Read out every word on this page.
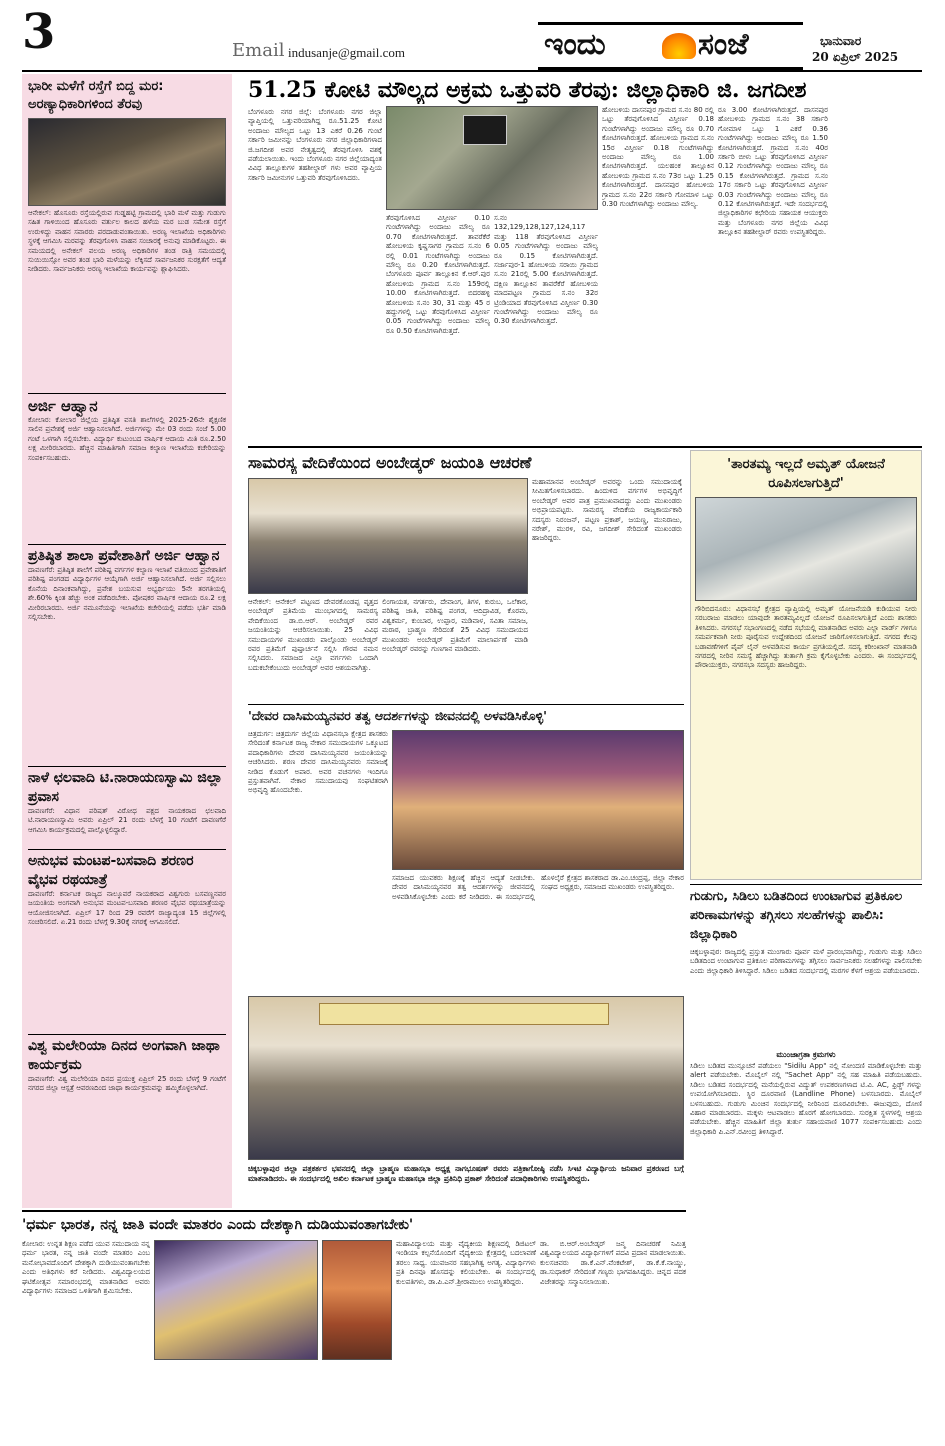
3	Email indusanje@gmail.com	ಇಂದು	ಸಂಜೆ	ಭಾನುವಾರ
20 ಏಪ್ರಿಲ್ 2025
ಭಾರೀ ಮಳೆಗೆ ರಸ್ತೆಗೆ ಬಿದ್ದ ಮರ: ಅರಣ್ಯಾಧಿಕಾರಿಗಳಿಂದ ತೆರವು
ಆನೇಕಲ್: ಹೊಸೂರು ರಸ್ತೆಯಲ್ಲಿರುವ ಗುಡ್ಡಹಟ್ಟಿ ಗ್ರಾಮದಲ್ಲಿ ಭಾರಿ ಮಳೆ ಮತ್ತು ಗುಡುಗು ಸಹಿತ ಗಾಳಿಯಿಂದ ಹೊಸೂರು ವರ್ತುಲ ಕಾಲದ ಹಳೆಯ ಮರ ಬುಡ ಸಮೇತ ರಸ್ತೆಗೆ ಉರುಳಿದ್ದು ವಾಹನ ಸವಾರರು ಪರದಾಡುವಂತಾಯಿತು. ಅರಣ್ಯ ಇಲಾಖೆಯ ಅಧಿಕಾರಿಗಳು ಸ್ಥಳಕ್ಕೆ ಆಗಮಿಸಿ ಮರವನ್ನು ತೆರವುಗೊಳಿಸಿ ವಾಹನ ಸಂಚಾರಕ್ಕೆ ಅನುವು ಮಾಡಿಕೊಟ್ಟರು. ಈ ಸಮಯದಲ್ಲಿ ಅನೇಕಲ್ ವಲಯ ಅರಣ್ಯ ಅಧಿಕಾರಿಗಳ ತಂಡ ರಾತ್ರಿ ಸಮಯದಲ್ಲಿ ಸುಯಿಯಿಸ್ಸೋ ಅವರ ತಂಡ ಭಾರಿ ಮಳೆಯನ್ನು ಲೆಕ್ಕಿಸದೆ ಸಾರ್ವಜನಿಕರ ಸುರಕ್ಷತೆಗೆ ಆದ್ಯತೆ ನೀಡಿದರು. ಸಾರ್ವಜನಿಕರು ಅರಣ್ಯ ಇಲಾಖೆಯ ಕಾರ್ಯವನ್ನು ಶ್ಲಾಘಿಸಿದರು.
ಅರ್ಜಿ ಆಹ್ವಾನ
ಕೋಲಾರ: ಕೋಲಾರ ಜಿಲ್ಲೆಯ ಪ್ರತಿಷ್ಠಿತ ವಸತಿ ಶಾಲೆಗಳಲ್ಲಿ 2025-26ನೇ ಶೈಕ್ಷಣಿಕ ಸಾಲಿನ ಪ್ರವೇಶಕ್ಕೆ ಅರ್ಜಿ ಆಹ್ವಾನಿಸಲಾಗಿದೆ. ಅರ್ಜಿಗಳನ್ನು ಮೇ 03 ರಂದು ಸಂಜೆ 5.00 ಗಂಟೆ ಒಳಗಾಗಿ ಸಲ್ಲಿಸಬೇಕು. ವಿದ್ಯಾರ್ಥಿ ಕುಟುಂಬದ ವಾರ್ಷಿಕ ಆದಾಯ ಮಿತಿ ರೂ.2.50 ಲಕ್ಷ ಮೀರಿರಬಾರದು. ಹೆಚ್ಚಿನ ಮಾಹಿತಿಗಾಗಿ ಸಮಾಜ ಕಲ್ಯಾಣ ಇಲಾಖೆಯ ಕಚೇರಿಯನ್ನು ಸಂಪರ್ಕಿಸಬಹುದು.
ಪ್ರತಿಷ್ಠಿತ ಶಾಲಾ ಪ್ರವೇಶಾತಿಗೆ ಅರ್ಜಿ ಆಹ್ವಾನ
ದಾವಣಗೆರೆ: ಪ್ರತಿಷ್ಠಿತ ಶಾಲೆಗೆ ಪರಿಶಿಷ್ಟ ವರ್ಗಗಳ ಕಲ್ಯಾಣ ಇಲಾಖೆ ವತಿಯಿಂದ ಪ್ರವೇಶಾತಿಗೆ ಪರಿಶಿಷ್ಟ ಪಂಗಡದ ವಿದ್ಯಾರ್ಥಿಗಳ ಆಯ್ಕೆಗಾಗಿ ಅರ್ಜಿ ಆಹ್ವಾನಿಸಲಾಗಿದೆ. ಅರ್ಜಿ ಸಲ್ಲಿಸಲು ಕೊನೆಯ ದಿನಾಂಕವಾಗಿದ್ದು, ಪ್ರವೇಶ ಬಯಸುವ ಅಭ್ಯರ್ಥಿಯು 5ನೇ ತರಗತಿಯಲ್ಲಿ ಶೇ.60% ಕ್ಕಿಂತ ಹೆಚ್ಚು ಅಂಕ ಪಡೆದಿರಬೇಕು. ಪೋಷಕರ ವಾರ್ಷಿಕ ಆದಾಯ ರೂ.2 ಲಕ್ಷ ಮೀರಿರಬಾರದು. ಅರ್ಜಿ ನಮೂನೆಯನ್ನು ಇಲಾಖೆಯ ಕಚೇರಿಯಲ್ಲಿ ಪಡೆದು ಭರ್ತಿ ಮಾಡಿ ಸಲ್ಲಿಸಬೇಕು.
ನಾಳೆ ಛಲವಾದಿ ಟಿ.ನಾರಾಯಣಸ್ವಾಮಿ ಜಿಲ್ಲಾ ಪ್ರವಾಸ
ದಾವಣಗೆರೆ: ವಿಧಾನ ಪರಿಷತ್ ವಿರೋಧ ಪಕ್ಷದ ನಾಯಕರಾದ ಛಲವಾದಿ ಟಿ.ನಾರಾಯಣಸ್ವಾಮಿ ಅವರು ಏಪ್ರಿಲ್ 21 ರಂದು ಬೆಳಗ್ಗೆ 10 ಗಂಟೆಗೆ ದಾವಣಗೆರೆ ಆಗಮಿಸಿ ಕಾರ್ಯಕ್ರಮದಲ್ಲಿ ಪಾಲ್ಗೊಳ್ಳಲಿದ್ದಾರೆ.
ಅನುಭವ ಮಂಟಪ-ಬಸವಾದಿ ಶರಣರ ವೈಭವ ರಥಯಾತ್ರೆ
ದಾವಣಗೆರೆ: ಕರ್ನಾಟಕ ರಾಜ್ಯದ ನಾಲ್ಕೂವರೆ ನಾಯಕರಾದ ವಿಶ್ವಗುರು ಬಸವಣ್ಣನವರ ಜಯಂತಿಯ ಅಂಗವಾಗಿ ಅನುಭವ ಮಂಟಪ-ಬಸವಾದಿ ಶರಣರ ವೈಭವ ರಥಯಾತ್ರೆಯನ್ನು ಆಯೋಜಿಸಲಾಗಿದೆ. ಏಪ್ರಿಲ್ 17 ರಿಂದ 29 ರವರೆಗೆ ರಾಜ್ಯಾದ್ಯಂತ 15 ಜಿಲ್ಲೆಗಳಲ್ಲಿ ಸಂಚರಿಸಲಿದೆ. ಏ.21 ರಂದು ಬೆಳಗ್ಗೆ 9.30ಕ್ಕೆ ನಗರಕ್ಕೆ ಆಗಮಿಸಲಿದೆ.
ವಿಶ್ವ ಮಲೇರಿಯಾ ದಿನದ ಅಂಗವಾಗಿ ಜಾಥಾ ಕಾರ್ಯಕ್ರಮ
ದಾವಣಗೆರೆ: ವಿಶ್ವ ಮಲೇರಿಯಾ ದಿನದ ಪ್ರಯುಕ್ತ ಏಪ್ರಿಲ್ 25 ರಂದು ಬೆಳಗ್ಗೆ 9 ಗಂಟೆಗೆ ನಗರದ ಜಿಲ್ಲಾ ಆಸ್ಪತ್ರೆ ಆವರಣದಿಂದ ಜಾಥಾ ಕಾರ್ಯಕ್ರಮವನ್ನು ಹಮ್ಮಿಕೊಳ್ಳಲಾಗಿದೆ.
51.25 ಕೋಟಿ ಮೌಲ್ಯದ ಅಕ್ರಮ ಒತ್ತುವರಿ ತೆರವು: ಜಿಲ್ಲಾಧಿಕಾರಿ ಜಿ. ಜಗದೀಶ
ಬೆಂಗಳೂರು ನಗರ ಜಿಲ್ಲೆ: ಬೆಂಗಳೂರು ನಗರ ಜಿಲ್ಲಾ ವ್ಯಾಪ್ತಿಯಲ್ಲಿ ಒತ್ತುವರಿಯಾಗಿದ್ದ ರೂ.51.25 ಕೋಟಿ ಅಂದಾಜು ಮೌಲ್ಯದ ಒಟ್ಟು 13 ಎಕರೆ 0.26 ಗುಂಟೆ ಸರ್ಕಾರಿ ಜಮೀನನ್ನು ಬೆಂಗಳೂರು ನಗರ ಜಿಲ್ಲಾಧಿಕಾರಿಗಳಾದ ಜಿ.ಜಗದೀಶ ಅವರ ನೇತೃತ್ವದಲ್ಲಿ ತೆರವುಗೊಳಿಸಿ ವಶಕ್ಕೆ ಪಡೆಯಲಾಯಿತು. ಇಂದು ಬೆಂಗಳೂರು ನಗರ ಜಿಲ್ಲೆಯಾದ್ಯಂತ ವಿವಿಧ ತಾಲ್ಲೂಕುಗಳ ತಹಶೀಲ್ದಾರ್ ಗಳು ಅವರ ವ್ಯಾಪ್ತಿಯ ಸರ್ಕಾರಿ ಜಮೀನುಗಳ ಒತ್ತುವರಿ ತೆರವುಗೊಳಿಸಿದರು.
ತೆರವುಗೊಳಿಸಿದ ವಿಸ್ತೀರ್ಣ 0.10 ಗುಂಟೆಗಳಾಗಿದ್ದು ಅಂದಾಜು ಮೌಲ್ಯ ರೂ 0.70 ಕೋಟಿಗಳಾಗಿರುತ್ತದೆ. ತಾವರೆಕೆರೆ ಹೋಬಳಿಯ ಕೃಷ್ಣಸಾಗರ ಗ್ರಾಮದ ಸ.ನಂ 6 ರಲ್ಲಿ 0.01 ಗುಂಟೆಗಳಾಗಿದ್ದು ಅಂದಾಜು ಮೌಲ್ಯ ರೂ 0.20 ಕೋಟಿಗಳಾಗಿರುತ್ತದೆ. ಬೆಂಗಳೂರು ಪೂರ್ವ ತಾಲ್ಲೂಕಿನ ಕೆ.ಆರ್.ಪುರ ಹೋಬಳಿಯ ಗ್ರಾಮದ ಸ.ನಂ 159ರಲ್ಲಿ 10.00 ಕೋಟಿಗಳಾಗಿರುತ್ತದೆ. ಬಿದರಹಳ್ಳಿ ಹೋಬಳಿಯ ಸ.ನಂ 30, 31 ಮತ್ತು 45 ರ ಹದ್ದುಗಳಲ್ಲಿ ಒಟ್ಟು ತೆರವುಗೊಳಿಸಿದ ವಿಸ್ತೀರ್ಣ 0.05 ಗುಂಟೆಗಳಾಗಿದ್ದು ಅಂದಾಜು ಮೌಲ್ಯ ರೂ 0.50 ಕೋಟಿಗಳಾಗಿರುತ್ತದೆ.
ಸ.ನಂ 132,129,128,127,124,117 ಮತ್ತು 118 ತೆರವುಗೊಳಿಸಿದ ವಿಸ್ತೀರ್ಣ 0.05 ಗುಂಟೆಗಳಾಗಿದ್ದು ಅಂದಾಜು ಮೌಲ್ಯ ರೂ 0.15 ಕೋಟಿಗಳಾಗಿರುತ್ತದೆ. ಸರ್ಜಾಪುರ-1 ಹೋಬಳಿಯ ಸರಾಯಿ ಗ್ರಾಮದ ಸ.ನಂ 21ರಲ್ಲಿ 5.00 ಕೋಟಿಗಳಾಗಿರುತ್ತದೆ. ದಕ್ಷಿಣ ತಾಲ್ಲೂಕಿನ ತಾವರೆಕೆರೆ ಹೋಬಳಿಯ ಮಾದಪಟ್ಟಣ ಗ್ರಾಮದ ಸ.ನಂ 32ರ ಟ್ರಿಂಡಿಯಾದ ತೆರವುಗೊಳಿಸಿದ ವಿಸ್ತೀರ್ಣ 0.30 ಗುಂಟೆಗಳಾಗಿದ್ದು ಅಂದಾಜು ಮೌಲ್ಯ ರೂ 0.30 ಕೋಟಿಗಳಾಗಿರುತ್ತದೆ.
ಹೋಬಳಿಯ ದಾಸನಪುರ ಗ್ರಾಮದ ಸ.ನಂ 80 ರಲ್ಲಿ ಒಟ್ಟು ತೆರವುಗೊಳಿಸಿದ ವಿಸ್ತೀರ್ಣ 0.18 ಗುಂಟೆಗಳಾಗಿದ್ದು ಅಂದಾಜು ಮೌಲ್ಯ ರೂ 0.70 ಕೋಟಿಗಳಾಗಿರುತ್ತದೆ. ಹೋಬಳಿಯ ಗ್ರಾಮದ ಸ.ನಂ 15ರ ವಿಸ್ತೀರ್ಣ 0.18 ಗುಂಟೆಗಳಾಗಿದ್ದು ಅಂದಾಜು ಮೌಲ್ಯ ರೂ 1.00 ಕೋಟಿಗಳಾಗಿರುತ್ತದೆ. ಯಲಹಂಕ ತಾಲ್ಲೂಕಿನ ಹೋಬಳಿಯ ಗ್ರಾಮದ ಸ.ನಂ 73ರ ಒಟ್ಟು 1.25 ಕೋಟಿಗಳಾಗಿರುತ್ತದೆ. ದಾಸನಪುರ ಹೋಬಳಿಯ ಗ್ರಾಮದ ಸ.ನಂ 22ರ ಸರ್ಕಾರಿ ಗೋಮಾಳ ಒಟ್ಟು 0.30 ಗುಂಟೆಗಳಾಗಿದ್ದು ಅಂದಾಜು ಮೌಲ್ಯ.
ರೂ 3.00 ಕೋಟಿಗಳಾಗಿರುತ್ತದೆ. ದಾಸನಪುರ ಹೋಬಳಿಯ ಗ್ರಾಮದ ಸ.ನಂ 38 ಸರ್ಕಾರಿ ಗೋಮಾಳ ಒಟ್ಟು 1 ಎಕರೆ 0.36 ಗುಂಟೆಗಳಾಗಿದ್ದು ಅಂದಾಜು ಮೌಲ್ಯ ರೂ 1.50 ಕೋಟಿಗಳಾಗಿರುತ್ತದೆ. ಗ್ರಾಮದ ಸ.ನಂ 40ರ ಸರ್ಕಾರಿ ಬೀಳು ಒಟ್ಟು ತೆರವುಗೊಳಿಸಿದ ವಿಸ್ತೀರ್ಣ 0.12 ಗುಂಟೆಗಳಾಗಿದ್ದು ಅಂದಾಜು ಮೌಲ್ಯ ರೂ 0.15 ಕೋಟಿಗಳಾಗಿರುತ್ತದೆ. ಗ್ರಾಮದ ಸ.ನಂ 17ರ ಸರ್ಕಾರಿ ಒಟ್ಟು ತೆರವುಗೊಳಿಸಿದ ವಿಸ್ತೀರ್ಣ 0.03 ಗುಂಟೆಗಳಾಗಿದ್ದು ಅಂದಾಜು ಮೌಲ್ಯ ರೂ 0.12 ಕೋಟಿಗಳಾಗಿರುತ್ತದೆ. ಇದೇ ಸಂದರ್ಭದಲ್ಲಿ ಜಿಲ್ಲಾಧಿಕಾರಿಗಳ ಕಛೇರಿಯ ಸಹಾಯಕ ಆಯುಕ್ತರು ಮತ್ತು ಬೆಂಗಳೂರು ನಗರ ಜಿಲ್ಲೆಯ ವಿವಿಧ ತಾಲ್ಲೂಕಿನ ತಹಶೀಲ್ದಾರ್ ರವರು ಉಪಸ್ಥಿತರಿದ್ದರು.
ಸಾಮರಸ್ಯ ವೇದಿಕೆಯಿಂದ ಅಂಬೇಡ್ಕರ್ ಜಯಂತಿ ಆಚರಣೆ
ಆನೇಕಲ್: ಆನೇಕಲ್ ಪಟ್ಟಣದ ದೇವರಕೊಂಡಪ್ಪ ವೃತ್ತದ ಅಂಬೇಡ್ಕರ್ ಪ್ರತಿಮೆಯ ಮುಂಭಾಗದಲ್ಲಿ ಸಾಮರಸ್ಯ ವೇದಿಕೆಯಿಂದ ಡಾ.ಬಿ.ಆರ್. ಅಂಬೇಡ್ಕರ್ ರವರ ಜಯಂತಿಯನ್ನು ಆಚರಿಸಲಾಯಿತು. 25 ವಿವಿಧ ಸಮುದಾಯಗಳ ಮುಖಂಡರು ಪಾಲ್ಗೊಂಡು ಅಂಬೇಡ್ಕರ್ ರವರ ಪ್ರತಿಮೆಗೆ ಪುಷ್ಪಾರ್ಚನೆ ಸಲ್ಲಿಸಿ ಗೌರವ ನಮನ ಸಲ್ಲಿಸಿದರು. ಸಮಾಜದ ಎಲ್ಲಾ ವರ್ಗಗಳು ಒಂದಾಗಿ ಬದುಕಬೇಕೆಂಬುದು ಅಂಬೇಡ್ಕರ್ ಅವರ ಆಶಯವಾಗಿತ್ತು.
ಲಿಂಗಾಯತ, ನಗರ್ತರು, ದೇವಾಂಗ, ತಿಗಳ, ಕುರುಬ, ಒಲೆಕಾರ, ಪರಿಶಿಷ್ಟ ಜಾತಿ, ಪರಿಶಿಷ್ಟ ಪಂಗಡ, ಆದಿದ್ರಾವಿಡ, ಕೊರಮ, ವಿಶ್ವಕರ್ಮ, ಕುಂಬಾರ, ಉಪ್ಪಾರ, ಮಡಿವಾಳ, ಸವಿತಾ ಸಮಾಜ, ಮರಾಠ, ಬ್ರಾಹ್ಮಣ ಸೇರಿದಂತೆ 25 ವಿವಿಧ ಸಮುದಾಯದ ಮುಖಂಡರು ಅಂಬೇಡ್ಕರ್ ಪ್ರತಿಮೆಗೆ ಮಾಲಾರ್ಪಣೆ ಮಾಡಿ ಅಂಬೇಡ್ಕರ್ ರವರನ್ನು ಗುಣಗಾನ ಮಾಡಿದರು.
ಮಹಾಮಾನವ ಅಂಬೇಡ್ಕರ್ ಅವರನ್ನು ಒಂದು ಸಮುದಾಯಕ್ಕೆ ಸೀಮಿತಗೊಳಿಸಬಾರದು. ಹಿಂದುಳಿದ ವರ್ಗಗಳ ಅಭಿವೃದ್ಧಿಗೆ ಅಂಬೇಡ್ಕರ್ ಅವರ ಪಾತ್ರ ಪ್ರಮುಖವಾದದ್ದು ಎಂದು ಮುಖಂಡರು ಅಭಿಪ್ರಾಯಪಟ್ಟರು. ಸಾಮರಸ್ಯ ವೇದಿಕೆಯ ರಾಜ್ಯಕಾರ್ಯಕಾರಿ ಸದಸ್ಯರು ನಿರಂಜನ್, ಪಟ್ಟಣ ಪ್ರಕಾಶ್, ಜಯಣ್ಣ, ಮುನಿರಾಜು, ನರೇಶ್, ಮುರಳಿ, ರವಿ, ಜಗದೀಶ್ ಸೇರಿದಂತೆ ಮುಖಂಡರು ಹಾಜರಿದ್ದರು.
'ತಾರತಮ್ಯ ಇಲ್ಲದೆ ಅಮೃತ್ ಯೋಜನೆ ರೂಪಿಸಲಾಗುತ್ತಿದೆ'
ಗೌರಿಬಿದನೂರು: ವಿಧಾನಸಭೆ ಕ್ಷೇತ್ರದ ವ್ಯಾಪ್ತಿಯಲ್ಲಿ ಅಮೃತ್ ಯೋಜನೆಯಡಿ ಕುಡಿಯುವ ನೀರು ಸರಬರಾಜು ಮಾಡಲು ಯಾವುದೇ ತಾರತಮ್ಯವಿಲ್ಲದೆ ಯೋಜನೆ ರೂಪಿಸಲಾಗುತ್ತಿದೆ ಎಂದು ಶಾಸಕರು ತಿಳಿಸಿದರು. ನಗರಸಭೆ ಸಭಾಂಗಣದಲ್ಲಿ ನಡೆದ ಸಭೆಯಲ್ಲಿ ಮಾತನಾಡಿದ ಅವರು ಎಲ್ಲಾ ವಾರ್ಡ್ ಗಳಿಗೂ ಸಮರ್ಪಕವಾಗಿ ನೀರು ಪೂರೈಸುವ ಉದ್ದೇಶದಿಂದ ಯೋಜನೆ ಜಾರಿಗೊಳಿಸಲಾಗುತ್ತಿದೆ. ನಗರದ ಕೆಲವು ಬಡಾವಣೆಗಳಿಗೆ ಪೈಪ್ ಲೈನ್ ಅಳವಡಿಸುವ ಕಾರ್ಯ ಪ್ರಗತಿಯಲ್ಲಿದೆ. ಸದಸ್ಯ ಕರೀಂಖಾನ್ ಮಾತನಾಡಿ ನಗರದಲ್ಲಿ ನೀರಿನ ಸಮಸ್ಯೆ ಹೆಚ್ಚಾಗಿದ್ದು ತುರ್ತಾಗಿ ಕ್ರಮ ಕೈಗೊಳ್ಳಬೇಕು ಎಂದರು. ಈ ಸಂದರ್ಭದಲ್ಲಿ ಪೌರಾಯುಕ್ತರು, ನಗರಸಭಾ ಸದಸ್ಯರು ಹಾಜರಿದ್ದರು.
'ದೇವರ ದಾಸಿಮಯ್ಯನವರ ತತ್ವ ಆದರ್ಶಗಳನ್ನು ಜೀವನದಲ್ಲಿ ಅಳವಡಿಸಿಕೊಳ್ಳಿ'
ಚಿತ್ರದುರ್ಗ: ಚಿತ್ರದುರ್ಗ ಜಿಲ್ಲೆಯ ವಿಧಾನಸಭಾ ಕ್ಷೇತ್ರದ ಶಾಸಕರು ಸೇರಿದಂತೆ ಕರ್ನಾಟಕ ರಾಜ್ಯ ನೇಕಾರ ಸಮುದಾಯಗಳ ಒಕ್ಕೂಟದ ಪದಾಧಿಕಾರಿಗಳು ದೇವರ ದಾಸಿಮಯ್ಯನವರ ಜಯಂತಿಯನ್ನು ಆಚರಿಸಿದರು. ಶರಣ ದೇವರ ದಾಸಿಮಯ್ಯನವರು ಸಮಾಜಕ್ಕೆ ನೀಡಿದ ಕೊಡುಗೆ ಅಪಾರ. ಅವರ ವಚನಗಳು ಇಂದಿಗೂ ಪ್ರಸ್ತುತವಾಗಿವೆ. ನೇಕಾರ ಸಮುದಾಯವು ಸಂಘಟಿತರಾಗಿ ಅಭಿವೃದ್ಧಿ ಹೊಂದಬೇಕು.
ಸಮಾಜದ ಯುವಕರು ಶಿಕ್ಷಣಕ್ಕೆ ಹೆಚ್ಚಿನ ಆದ್ಯತೆ ನೀಡಬೇಕು. ದೇವರ ದಾಸಿಮಯ್ಯನವರ ತತ್ವ ಆದರ್ಶಗಳನ್ನು ಜೀವನದಲ್ಲಿ ಅಳವಡಿಸಿಕೊಳ್ಳಬೇಕು ಎಂದು ಕರೆ ನೀಡಿದರು. ಈ ಸಂದರ್ಭದಲ್ಲಿ ಹೊಳಲ್ಕೆರೆ ಕ್ಷೇತ್ರದ ಶಾಸಕರಾದ ಡಾ.ಎಂ.ಚಂದ್ರಪ್ಪ, ಜಿಲ್ಲಾ ನೇಕಾರ ಸಂಘದ ಅಧ್ಯಕ್ಷರು, ಸಮಾಜದ ಮುಖಂಡರು ಉಪಸ್ಥಿತರಿದ್ದರು.
ಚಿಕ್ಕಬಳ್ಳಾಪುರ ಜಿಲ್ಲಾ ಪತ್ರಕರ್ತರ ಭವನದಲ್ಲಿ ಜಿಲ್ಲಾ ಬ್ರಾಹ್ಮಣ ಮಹಾಸಭಾ ಅಧ್ಯಕ್ಷ ನಾಗಭೂಷಣ್ ರವರು ಪತ್ರಿಕಾಗೋಷ್ಠಿ ನಡೆಸಿ ಸಿಇಟಿ ವಿದ್ಯಾರ್ಥಿಯ ಜನಿವಾರ ಪ್ರಕರಣದ ಬಗ್ಗೆ ಮಾತನಾಡಿದರು. ಈ ಸಂದರ್ಭದಲ್ಲಿ ಅಖಿಲ ಕರ್ನಾಟಕ ಬ್ರಾಹ್ಮಣ ಮಹಾಸಭಾ ಜಿಲ್ಲಾ ಪ್ರತಿನಿಧಿ ಪ್ರಕಾಶ್ ಸೇರಿದಂತೆ ಪದಾಧಿಕಾರಿಗಳು ಉಪಸ್ಥಿತರಿದ್ದರು.
ಗುಡುಗು, ಸಿಡಿಲು ಬಡಿತದಿಂದ ಉಂಟಾಗುವ ಪ್ರತಿಕೂಲ ಪರಿಣಾಮಗಳನ್ನು ತಗ್ಗಿಸಲು ಸಲಹೆಗಳನ್ನು ಪಾಲಿಸಿ: ಜಿಲ್ಲಾಧಿಕಾರಿ
ಚಿಕ್ಕಬಳ್ಳಾಪುರ: ರಾಜ್ಯದಲ್ಲಿ ಪ್ರಸ್ತುತ ಮುಂಗಾರು ಪೂರ್ವ ಮಳೆ ಪ್ರಾರಂಭವಾಗಿದ್ದು, ಗುಡುಗು ಮತ್ತು ಸಿಡಿಲು ಬಡಿತದಿಂದ ಉಂಟಾಗುವ ಪ್ರತಿಕೂಲ ಪರಿಣಾಮಗಳನ್ನು ತಗ್ಗಿಸಲು ಸಾರ್ವಜನಿಕರು ಸಲಹೆಗಳನ್ನು ಪಾಲಿಸಬೇಕು ಎಂದು ಜಿಲ್ಲಾಧಿಕಾರಿ ತಿಳಿಸಿದ್ದಾರೆ. ಸಿಡಿಲು ಬಡಿತದ ಸಂದರ್ಭದಲ್ಲಿ ಮರಗಳ ಕೆಳಗೆ ಆಶ್ರಯ ಪಡೆಯಬಾರದು.
ಮುಂಜಾಗ್ರತಾ ಕ್ರಮಗಳು
ಸಿಡಿಲು ಬಡಿತದ ಮುನ್ಸೂಚನೆ ಪಡೆಯಲು "Sidilu App" ನಲ್ಲಿ ನೋಂದಣಿ ಮಾಡಿಕೊಳ್ಳಬೇಕು ಮತ್ತು alert ಪಡೆಯಬೇಕು. ಮೊಬೈಲ್ ನಲ್ಲಿ "Sachet App" ನಲ್ಲಿ ಸಹ ಮಾಹಿತಿ ಪಡೆಯಬಹುದು. ಸಿಡಿಲು ಬಡಿತದ ಸಂದರ್ಭದಲ್ಲಿ ಮನೆಯಲ್ಲಿರುವ ವಿದ್ಯುತ್ ಉಪಕರಣಗಳಾದ ಟಿ.ವಿ. AC, ಫ್ರಿಡ್ಜ್ ಗಳನ್ನು ಉಪಯೋಗಿಸಬಾರದು. ಸ್ಥಿರ ದೂರವಾಣಿ (Landline Phone) ಬಳಸಬಾರದು. ಮೊಬೈಲ್ ಬಳಸಬಹುದು. ಗುಡುಗು ಮಿಂಚಿನ ಸಂದರ್ಭದಲ್ಲಿ ನೀರಿನಿಂದ ದೂರವಿರಬೇಕು. ಈಜುವುದು, ದೋಣಿ ವಿಹಾರ ಮಾಡಬಾರದು. ಮಕ್ಕಳು ಆಟವಾಡಲು ಹೊರಗೆ ಹೋಗಬಾರದು. ಸುರಕ್ಷಿತ ಸ್ಥಳಗಳಲ್ಲಿ ಆಶ್ರಯ ಪಡೆಯಬೇಕು. ಹೆಚ್ಚಿನ ಮಾಹಿತಿಗೆ ಜಿಲ್ಲಾ ತುರ್ತು ಸಹಾಯವಾಣಿ 1077 ಸಂಪರ್ಕಿಸಬಹುದು ಎಂದು ಜಿಲ್ಲಾಧಿಕಾರಿ ಪಿ.ಎನ್.ರವೀಂದ್ರ ತಿಳಿಸಿದ್ದಾರೆ.
'ಧರ್ಮ ಭಾರತ, ನನ್ನ ಜಾತಿ ವಂದೇ ಮಾತರಂ ಎಂದು ದೇಶಕ್ಕಾಗಿ ದುಡಿಯುವಂತಾಗಬೇಕು'
ಕೋಲಾರ: ಉನ್ನತ ಶಿಕ್ಷಣ ಪಡೆದ ಯುವ ಸಮುದಾಯ ನನ್ನ ಧರ್ಮ ಭಾರತ, ನನ್ನ ಜಾತಿ ವಂದೇ ಮಾತರಂ ಎಂಬ ಮನೋಭಾವದೊಂದಿಗೆ ದೇಶಕ್ಕಾಗಿ ದುಡಿಯುವಂತಾಗಬೇಕು ಎಂದು ಅತಿಥಿಗಳು ಕರೆ ನೀಡಿದರು. ವಿಶ್ವವಿದ್ಯಾಲಯದ ಘಟಿಕೋತ್ಸವ ಸಮಾರಂಭದಲ್ಲಿ ಮಾತನಾಡಿದ ಅವರು ವಿದ್ಯಾರ್ಥಿಗಳು ಸಮಾಜದ ಒಳಿತಿಗಾಗಿ ಶ್ರಮಿಸಬೇಕು.
ಮಹಾವಿದ್ಯಾಲಯ ಮತ್ತು ವೈದ್ಯಕೀಯ ಶಿಕ್ಷಣದಲ್ಲಿ ಡಿಜಿಟಲ್ ಇಂಡಿಯಾ ಕಲ್ಪನೆಯೊಂದಿಗೆ ವೈದ್ಯಕೀಯ ಕ್ಷೇತ್ರದಲ್ಲಿ ಬದಲಾವಣೆ ತರಲು ಸಾಧ್ಯ. ಯುವಜನರ ಸಹಭಾಗಿತ್ವ ಅಗತ್ಯ. ವಿದ್ಯಾರ್ಥಿಗಳು ಪ್ರತಿ ದಿನವೂ ಹೊಸದನ್ನು ಕಲಿಯಬೇಕು. ಈ ಸಂದರ್ಭದಲ್ಲಿ ಕುಲಪತಿಗಳು, ಡಾ.ಪಿ.ಎನ್.ಶ್ರೀರಾಮುಲು ಉಪಸ್ಥಿತರಿದ್ದರು.
ಡಾ. ಬಿ.ಆರ್.ಅಂಬೇಡ್ಕರ್ ಜನ್ಮ ದಿನಾಚರಣೆ ನಿಮಿತ್ತ ವಿಶ್ವವಿದ್ಯಾಲಯದ ವಿದ್ಯಾರ್ಥಿಗಳಿಗೆ ಪದವಿ ಪ್ರದಾನ ಮಾಡಲಾಯಿತು. ಕುಲಸಚಿವರು ಡಾ.ಕೆ.ಎನ್.ವೆಂಕಟೇಶ್, ಡಾ.ಕೆ.ಕೆ.ನಾಯ್ಡು, ಡಾ.ಸುಧಾಕರ್ ಸೇರಿದಂತೆ ಗಣ್ಯರು ಭಾಗವಹಿಸಿದ್ದರು. ಚಿನ್ನದ ಪದಕ ವಿಜೇತರನ್ನು ಸನ್ಮಾನಿಸಲಾಯಿತು.
